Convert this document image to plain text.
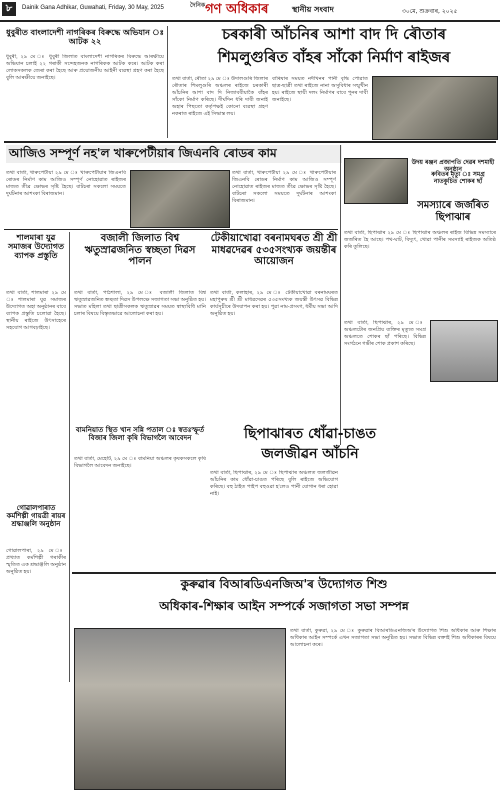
৮	Dainik Gana Adhikar, Guwahati, Friday, 30 May, 2025	$^{দৈনিক}$গণ অধিকাৰ	স্থানীয় সংবাদ	৩০মে, শুক্ৰবাৰ, ২০২৫
ধুবুৰীত বাংলাদেশী নাগৰিকৰ বিৰুদ্ধে অভিযান ঃ আটক ২২
ধুবুৰী, ২৯ মে ঃ ধুবুৰী জিলাত বাংলাদেশী নাগৰিকৰ বিৰুদ্ধে আৰক্ষীয়ে অভিযান চলাই ২২ গৰাকী সন্দেহজনক নাগৰিকক আটক কৰে। আটক কৰা লোকসকলক জেৰা কৰা হৈছে আৰু প্ৰয়োজনীয় আইনী ব্যৱস্থা গ্ৰহণ কৰা হৈছে বুলি আৰক্ষীয়ে জনাইছে।
চৰকাৰী আঁচনিৰ আশা বাদ দি ৰৌতাৰ
শিমলুগুৰিত বাঁহৰ সাঁকো নিৰ্মাণ ৰাইজৰ
তথা বাৰ্তা, ৰৌতা ২৯ মে ঃ উদালগুৰি জিলাৰ ৰৌতাৰ শিমলুগুৰি অঞ্চলৰ ৰাইজে চৰকাৰী আঁচনিৰ আশা বাদ দি নিজাববীয়াকৈ বাঁহৰ সাঁকো নিৰ্মাণ কৰিছে। দীৰ্ঘদিন ধৰি দাবী জনাই অহাৰ পিছতো কৰ্তৃপক্ষই কোনো ব্যৱস্থা গ্ৰহণ নকৰাত ৰাইজে এই সিদ্ধান্ত লয়।
বাৰিষাৰ সময়ত নদীখনৰ পানী বৃদ্ধি পোৱাত ছাত্ৰ-ছাত্ৰী তথা ৰাইজে নানা অসুবিধাৰ সন্মুখীন হয়। ৰাইজে স্থায়ী দলং নিৰ্মাণৰ বাবে পুনৰ দাবী জনাইছে।
আজিও সম্পূৰ্ণ নহ'ল খাৰুপেটীয়াৰ জিএনবি ৰোডৰ কাম
তথা বাৰ্তা, খাৰুপেটীয়া ২৯ মে ঃ খাৰুপেটীয়াৰ জিএনবি ৰোডৰ নিৰ্মাণ কাম আজিও সম্পূৰ্ণ নোহোৱাত ৰাইজৰ মাজত তীব্ৰ ক্ষোভৰ সৃষ্টি হৈছে। বাটচৰা সকলো সময়তে দুৰ্ঘটনাৰ আশংকা বিৰাজমান।
তথা বাৰ্তা, খাৰুপেটীয়া ২৯ মে ঃ খাৰুপেটীয়াৰ জিএনবি ৰোডৰ নিৰ্মাণ কাম আজিও সম্পূৰ্ণ নোহোৱাত ৰাইজৰ মাজত তীব্ৰ ক্ষোভৰ সৃষ্টি হৈছে। বাটচৰা সকলো সময়তে দুৰ্ঘটনাৰ আশংকা বিৰাজমান।	সমস্যাৰে জৰ্জৰিত ছিপাঝাৰ
তথা বাৰ্তা, ছিপাঝাৰ ২৯ মে ঃ ছিপাঝাৰ অঞ্চলৰ ৰাইজ বিভিন্ন সমস্যাৰে জৰ্জৰিত হৈ আছে। পথ-ঘাট, বিদ্যুৎ, খোৱা পানীৰ সমস্যাই ৰাইজক অতিষ্ঠ কৰি তুলিছে।
উদয় ৰঞ্জন প্ৰজাপতি দেৱৰ দশমাহী অনুষ্ঠান
ৰুবিতৰ মৃত্যু ঃ সমগ্ৰ নাতকুচিত শোকৰ ছাঁ
তথা বাৰ্তা, ছিপাঝাৰ, ২৯ মে ঃ অঞ্চলটোৰ জনপ্ৰিয় ব্যক্তিৰ মৃত্যুত সমগ্ৰ অঞ্চলতে শোকৰ ছাঁ পৰিছে। বিভিন্ন সংগঠনে গভীৰ শোক প্ৰকাশ কৰিছে।
শালমাৰা যুৱ সমাজৰ উদ্যোগত ব্যাপক প্ৰস্তুতি
তথা বাৰ্তা, শালমাৰা ২৯ মে ঃ শালমাৰা যুৱ সমাজৰ উদ্যোগত অহা অনুষ্ঠানৰ বাবে ব্যাপক প্ৰস্তুতি চলোৱা হৈছে। স্থানীয় ৰাইজে উৎসাহেৰে সহযোগ আগবঢ়াইছে।
বজালী জিলাত বিশ্ব ঋতুস্ৰাৱজনিত স্বচ্ছতা দিৱস পালন
তথা বাৰ্তা, পাঠশালা, ২৯ মে ঃ বজালী জিলাত বিশ্ব ঋতুস্ৰাৱজনিত স্বচ্ছতা দিৱস উপলক্ষে সজাগতা সভা অনুষ্ঠিত হয়। সভাত মহিলা তথা ছাত্ৰীসকলক ঋতুস্ৰাৱৰ সময়ত স্বাস্থ্যবিধি মানি চলাৰ বিষয়ে বিস্তৃতভাৱে আলোচনা কৰা হয়।
টেকীয়াখোৱা বৰনামঘৰত শ্ৰী শ্ৰী মাধৱদেৱৰ ৫৩৫সংখ্যক জয়ন্তীৰ আয়োজন
তথা বাৰ্তা, কলাহাৰ, ২৯ মে ঃ টেকীয়াখোৱা বৰনামঘৰত মহাপুৰুষ শ্ৰী শ্ৰী মাধৱদেৱৰ ৫৩৫সংখ্যক জয়ন্তী উৎসৱ বিভিন্ন কাৰ্যসূচীৰে উদযাপন কৰা হয়। পুৱা নাম-প্ৰসংগ, ধৰ্মীয় সভা আদি অনুষ্ঠিত হয়।
বামনিয়াত স্থিত খান সন্নি পতাল ঃ স্বতঃস্ফূৰ্ত বিজাৰ জিলা কৃষি বিভাগলৈ আবেদন
তথা বাৰ্তা, মেহেটি, ২৯ মে ঃ বামনিয়া অঞ্চলৰ কৃষকসকলে কৃষি বিভাগলৈ আবেদন জনাইছে।
ছিপাঝাৰত ধোঁৱা-চাঙত
জলজীৱন আঁচনি
তথা বাৰ্তা, ছিপাঝাৰ, ২৯ মে ঃ ছিপাঝাৰ অঞ্চলত জলজীৱন আঁচনিৰ কাম ধোঁৱা-চাঙত পৰিছে বুলি ৰাইজে অভিযোগ কৰিছে। বহু ঠাইত পাইপ বহুওৱা হ'লেও পানী যোগান ধৰা হোৱা নাই।
গোৱালপাৰাত কৰ্মশিল্পী গায়ত্ৰী ৰায়ৰ শ্ৰদ্ধাঞ্জলি অনুষ্ঠান
গোৱালপাৰা, ২৯ মে ঃ প্ৰখ্যাত কৰ্মশিল্পী গৰাকীৰ স্মৃতিত এক শ্ৰদ্ধাঞ্জলি অনুষ্ঠান অনুষ্ঠিত হয়।
কুৰুৱাৰ বিআৰডিএনজিঅ'ৰ উদ্যোগত শিশু
অধিকাৰ-শিক্ষাৰ আইন সম্পৰ্কে সজাগতা সভা সম্পন্ন
তথা বাৰ্তা, কুৰুৱা, ২৯ মে ঃ কুৰুৱাৰ বিআৰডিএনজিঅ'ৰ উদ্যোগত শিশু অধিকাৰ আৰু শিক্ষাৰ অধিকাৰ আইন সম্পৰ্কে এখন সজাগতা সভা অনুষ্ঠিত হয়। সভাত বিভিন্ন বক্তাই শিশু অধিকাৰৰ বিষয়ে আলোচনা কৰে।
